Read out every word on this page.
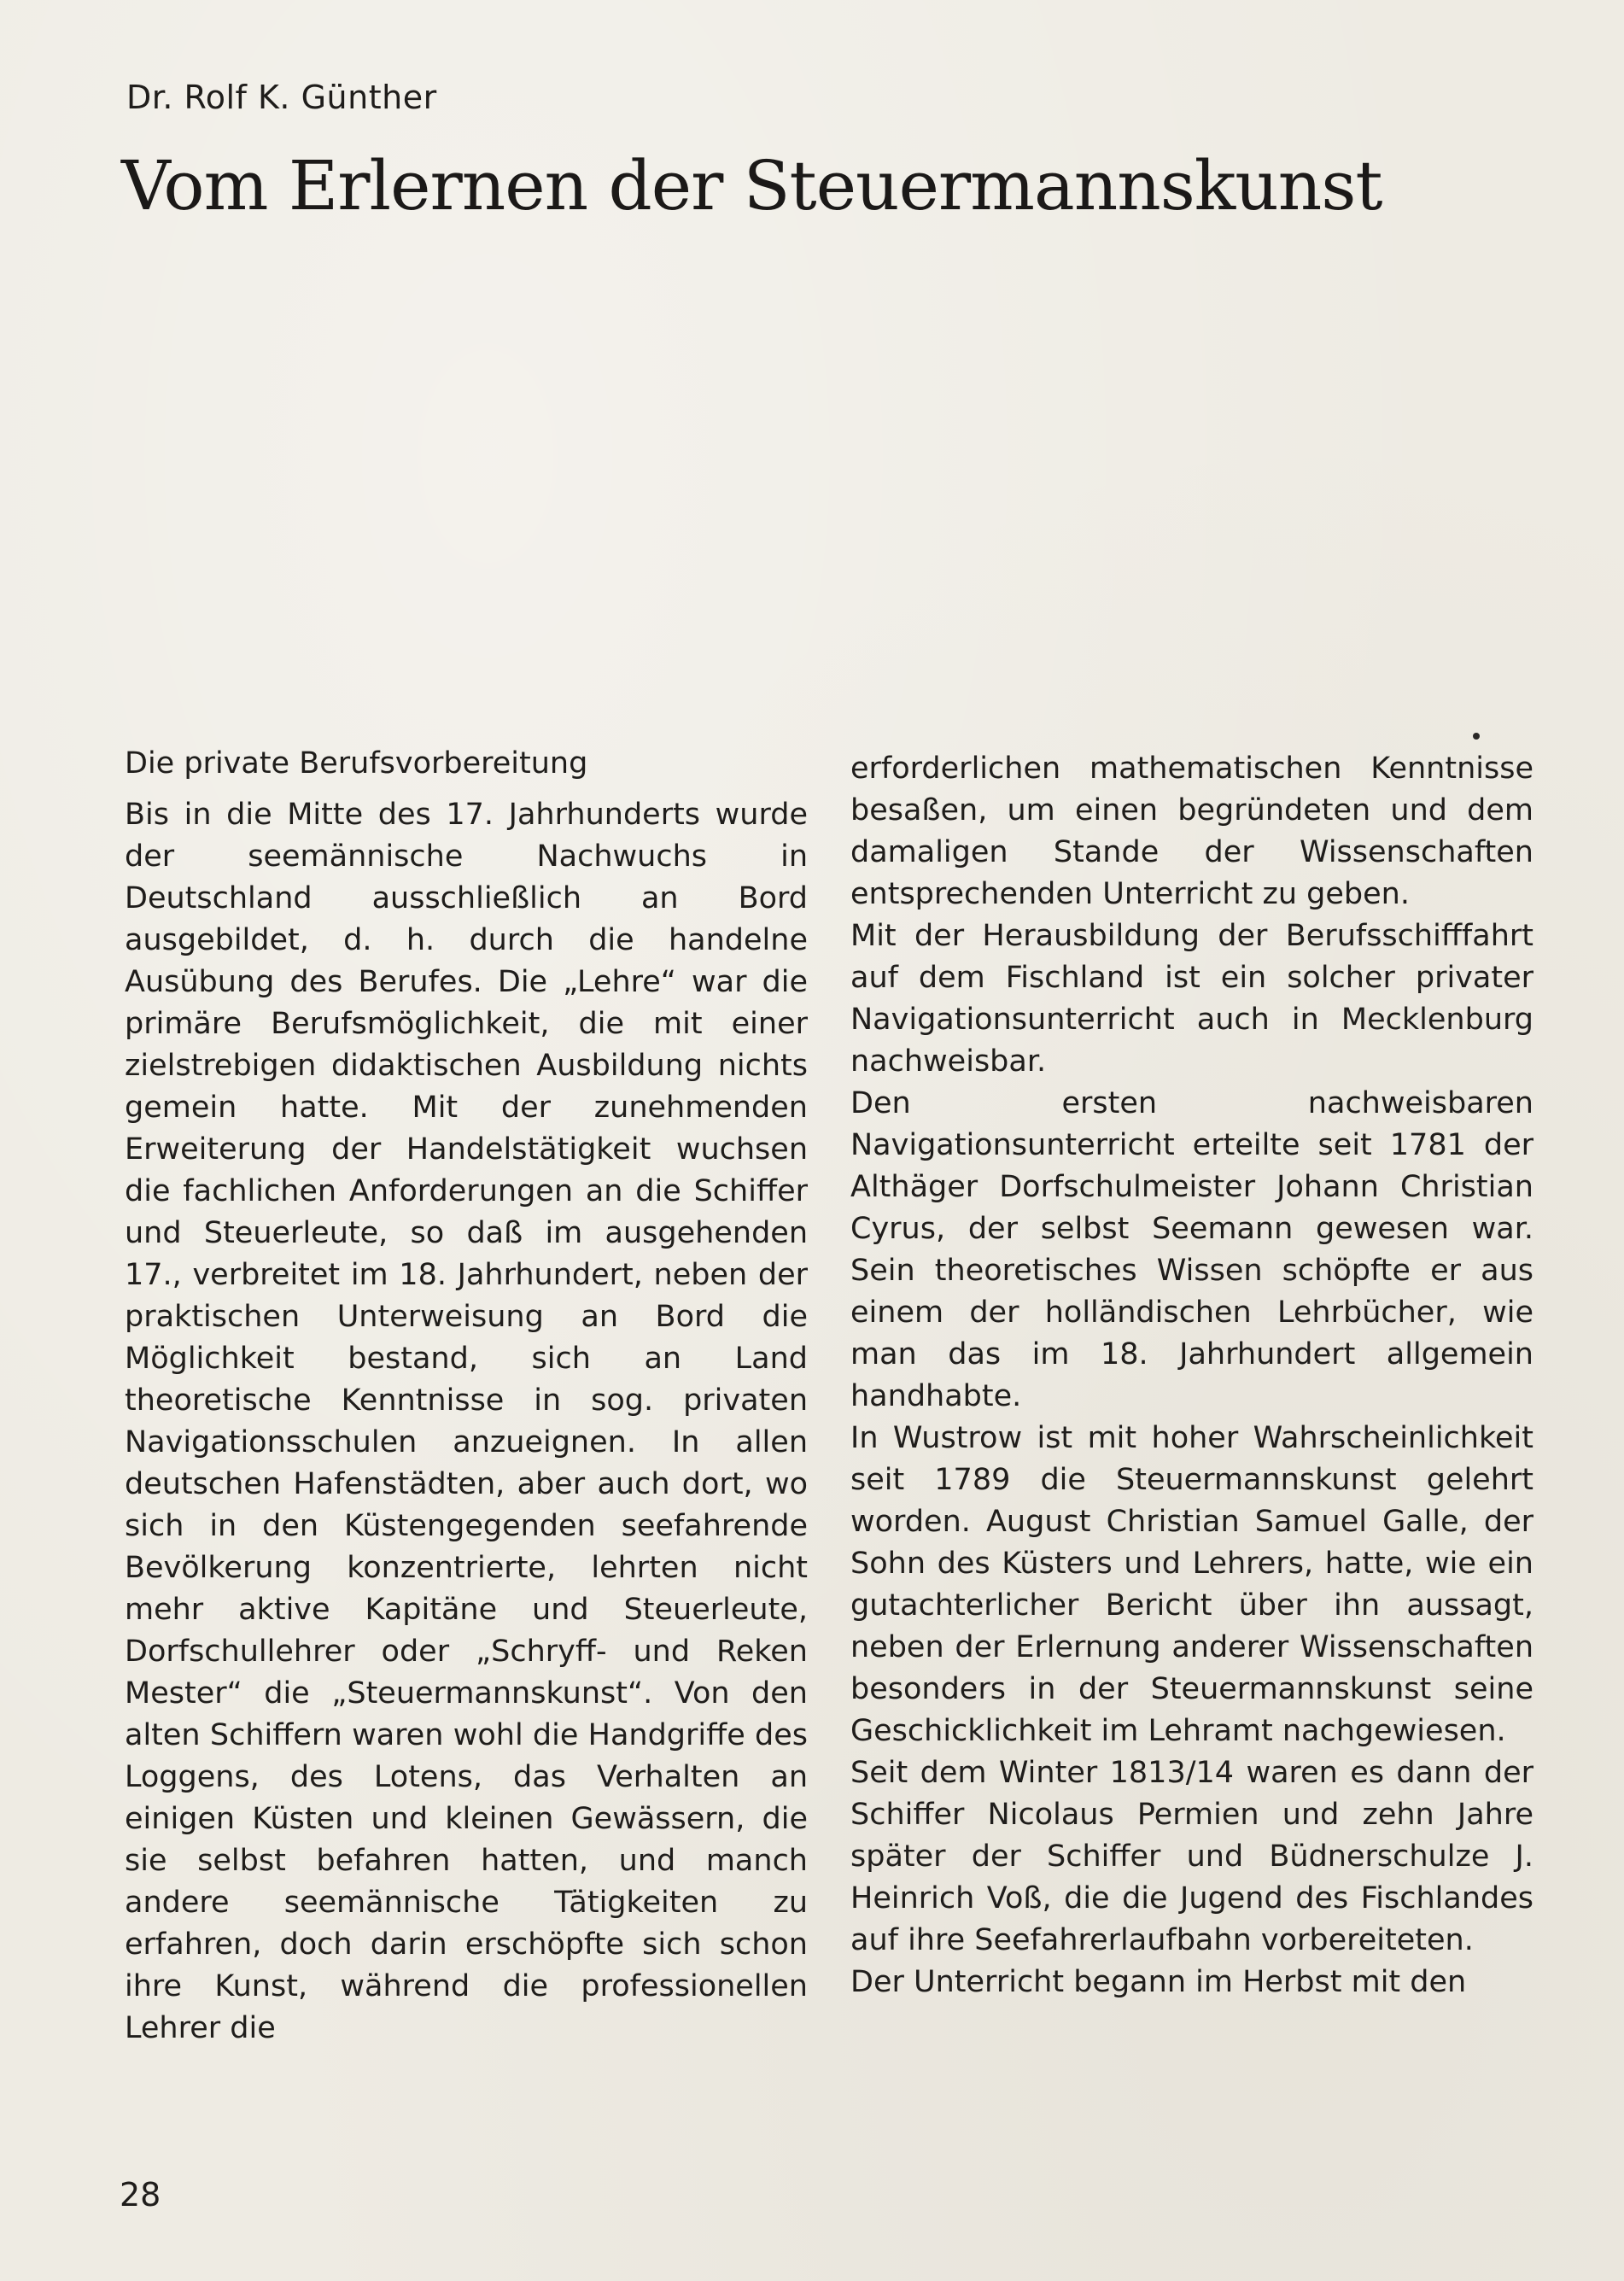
Dr. Rolf K. Günther
Vom Erlernen der Steuermannskunst
Die private Berufsvorbereitung
Bis in die Mitte des 17. Jahrhunderts wurde der seemännische Nachwuchs in Deutschland ausschließlich an Bord ausgebildet, d. h. durch die handelne Ausübung des Berufes. Die „Lehre“ war die primäre Berufsmöglichkeit, die mit einer zielstrebigen didaktischen Ausbildung nichts gemein hatte. Mit der zunehmenden Erweiterung der Handelstätigkeit wuchsen die fachlichen Anforderungen an die Schiffer und Steuerleute, so daß im ausgehenden 17., verbreitet im 18. Jahrhundert, neben der praktischen Unterweisung an Bord die Möglichkeit bestand, sich an Land theoretische Kenntnisse in sog. privaten Navigationsschulen anzueignen. In allen deutschen Hafenstädten, aber auch dort, wo sich in den Küstengegenden seefahrende Bevölkerung konzentrierte, lehrten nicht mehr aktive Kapitäne und Steuerleute, Dorfschullehrer oder „Schryff- und Reken Mester“ die „Steuermannskunst“. Von den alten Schiffern waren wohl die Handgriffe des Loggens, des Lotens, das Verhalten an einigen Küsten und kleinen Gewässern, die sie selbst befahren hatten, und manch andere seemännische Tätigkeiten zu erfahren, doch darin erschöpfte sich schon ihre Kunst, während die professionellen Lehrer die
erforderlichen mathematischen Kenntnisse besaßen, um einen begründeten und dem damaligen Stande der Wissenschaften entsprechenden Unterricht zu geben.
Mit der Herausbildung der Berufsschifffahrt auf dem Fischland ist ein solcher privater Navigationsunterricht auch in Mecklenburg nachweisbar.
Den ersten nachweisbaren Navigationsunterricht erteilte seit 1781 der Althäger Dorfschulmeister Johann Christian Cyrus, der selbst Seemann gewesen war. Sein theoretisches Wissen schöpfte er aus einem der holländischen Lehrbücher, wie man das im 18. Jahrhundert allgemein handhabte.
In Wustrow ist mit hoher Wahrscheinlichkeit seit 1789 die Steuermannskunst gelehrt worden. August Christian Samuel Galle, der Sohn des Küsters und Lehrers, hatte, wie ein gutachterlicher Bericht über ihn aussagt, neben der Erlernung anderer Wissenschaften besonders in der Steuermannskunst seine Geschicklichkeit im Lehramt nachgewiesen.
Seit dem Winter 1813/14 waren es dann der Schiffer Nicolaus Permien und zehn Jahre später der Schiffer und Büdnerschulze J. Heinrich Voß, die die Jugend des Fischlandes auf ihre Seefahrerlaufbahn vorbereiteten.
Der Unterricht begann im Herbst mit den
28
